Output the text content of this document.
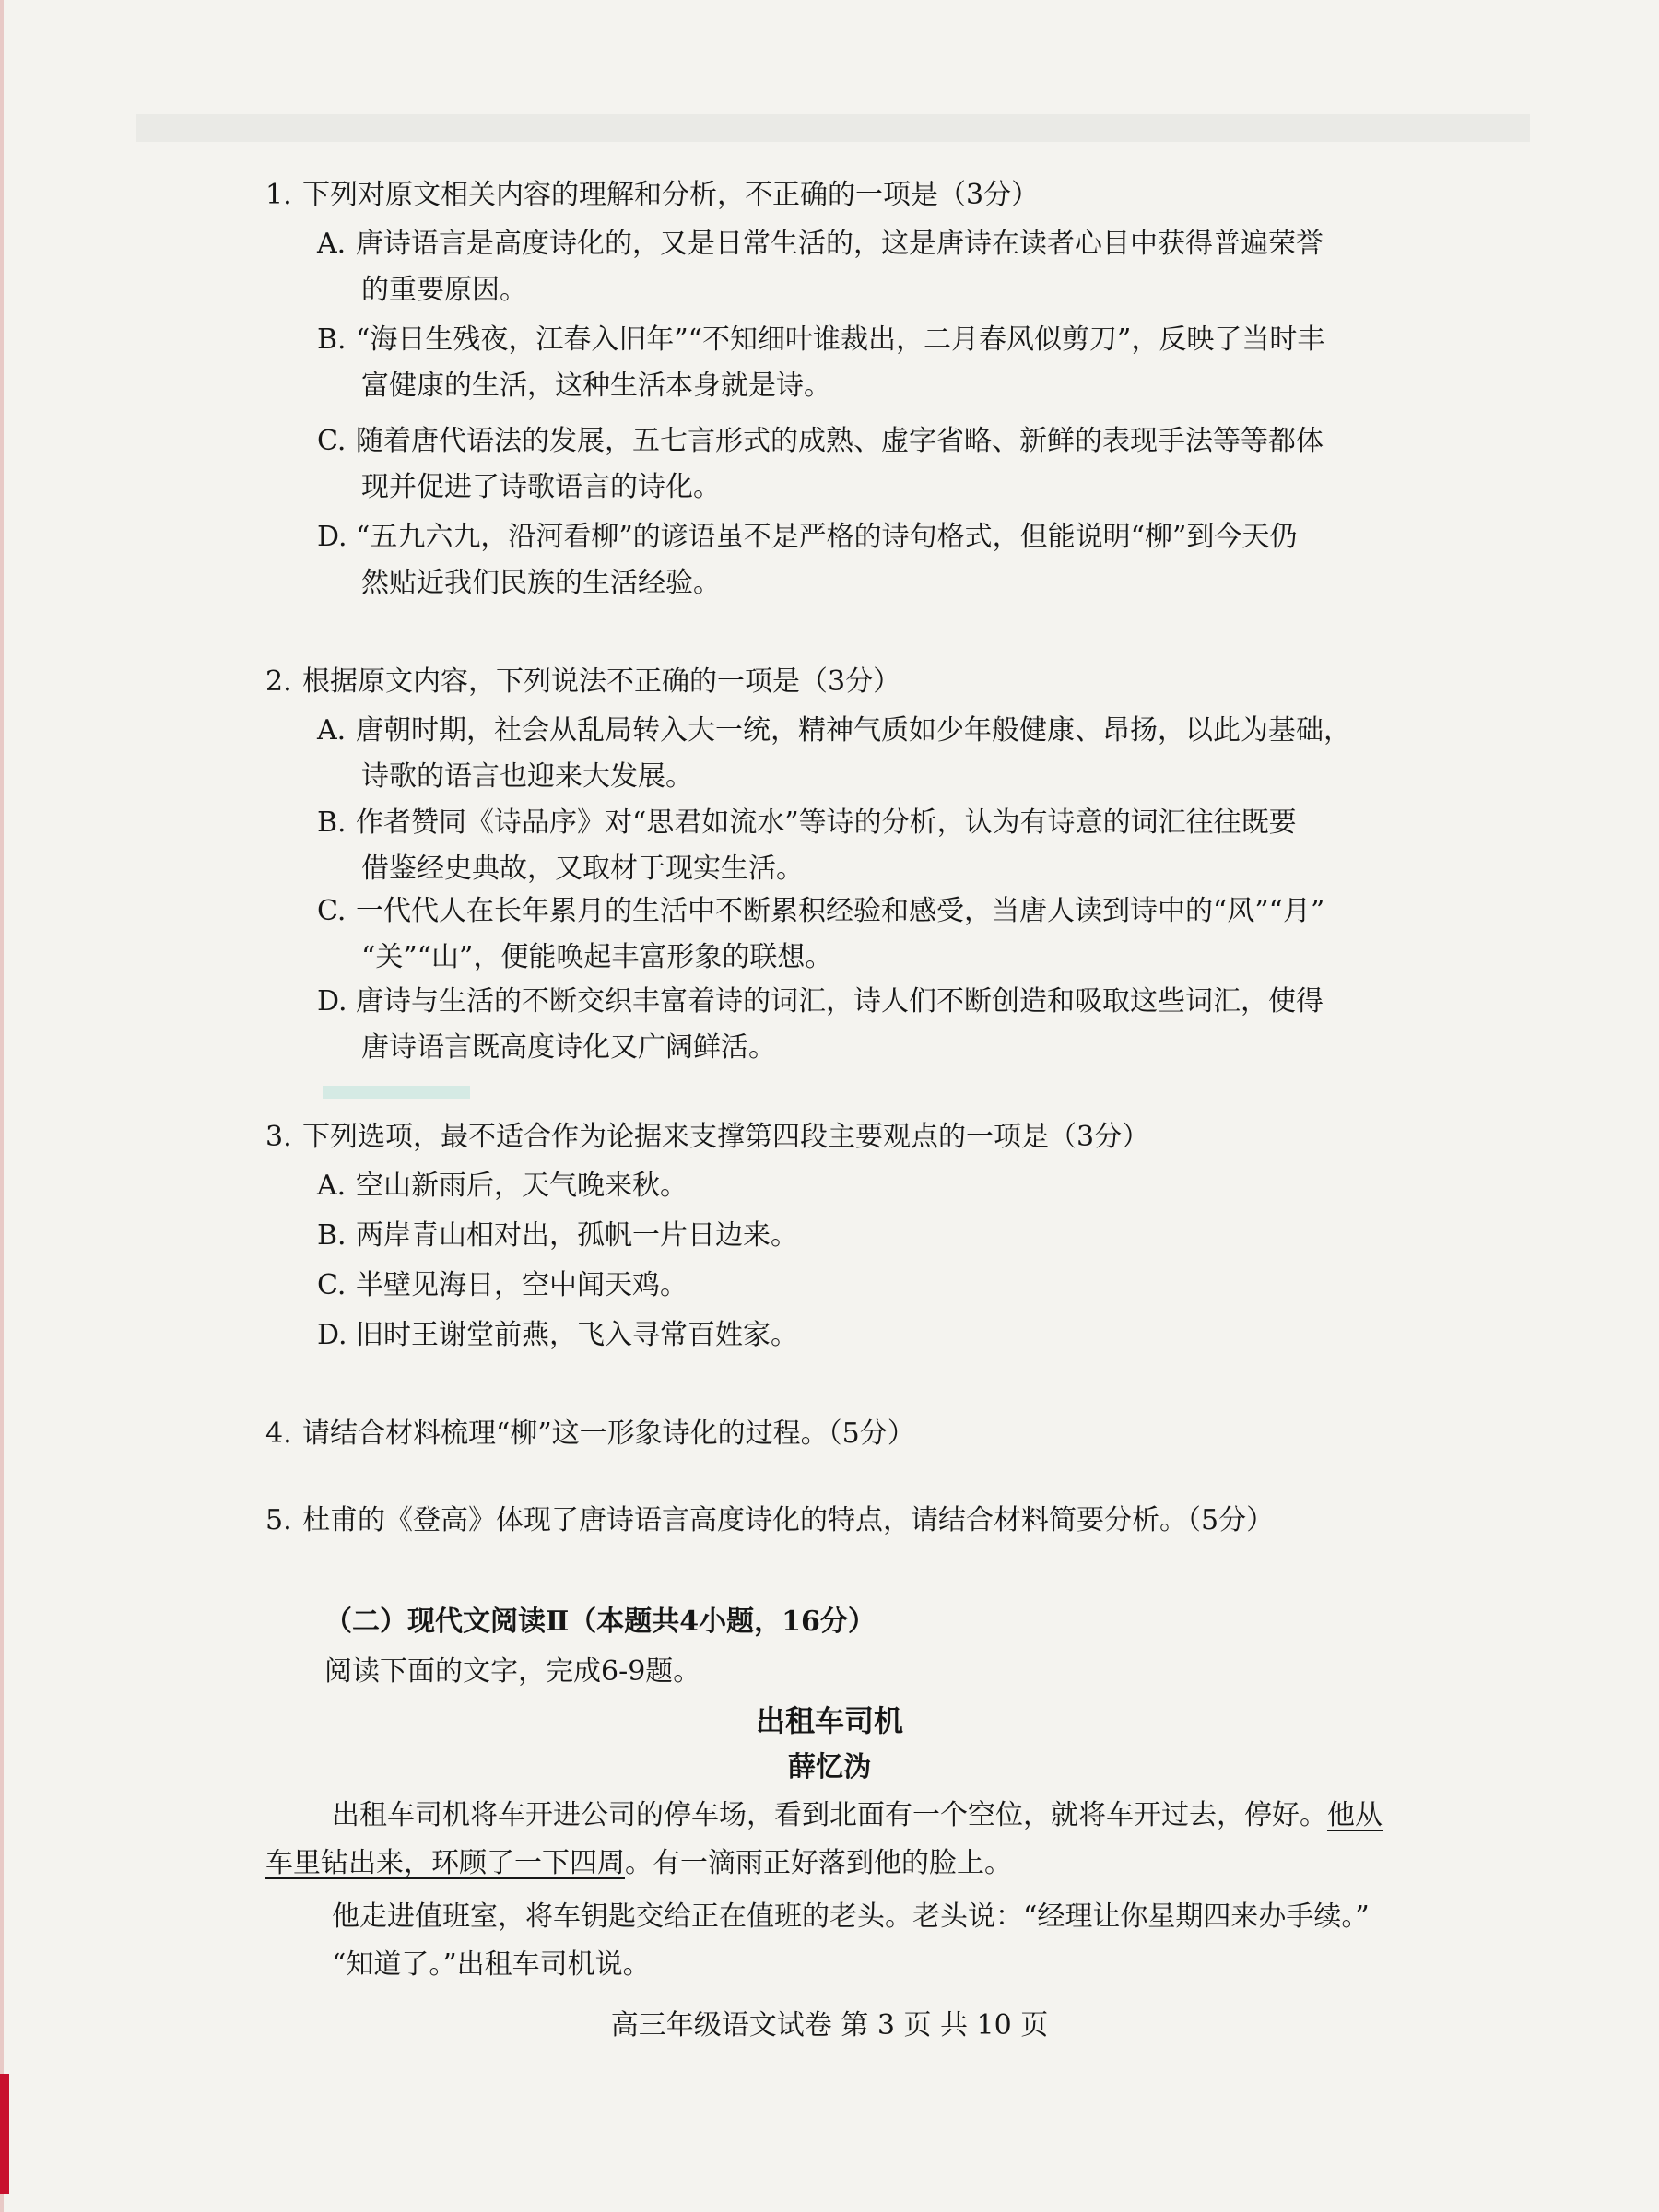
1. 下列对原文相关内容的理解和分析，不正确的一项是（3分）
A. 唐诗语言是高度诗化的，又是日常生活的，这是唐诗在读者心目中获得普遍荣誉
的重要原因。
B. “海日生残夜，江春入旧年”“不知细叶谁裁出，二月春风似剪刀”，反映了当时丰
富健康的生活，这种生活本身就是诗。
C. 随着唐代语法的发展，五七言形式的成熟、虚字省略、新鲜的表现手法等等都体
现并促进了诗歌语言的诗化。
D. “五九六九，沿河看柳”的谚语虽不是严格的诗句格式，但能说明“柳”到今天仍
然贴近我们民族的生活经验。
2. 根据原文内容，下列说法不正确的一项是（3分）
A. 唐朝时期，社会从乱局转入大一统，精神气质如少年般健康、昂扬，以此为基础，
诗歌的语言也迎来大发展。
B. 作者赞同《诗品序》对“思君如流水”等诗的分析，认为有诗意的词汇往往既要
借鉴经史典故，又取材于现实生活。
C. 一代代人在长年累月的生活中不断累积经验和感受，当唐人读到诗中的“风”“月”
“关”“山”，便能唤起丰富形象的联想。
D. 唐诗与生活的不断交织丰富着诗的词汇，诗人们不断创造和吸取这些词汇，使得
唐诗语言既高度诗化又广阔鲜活。
3. 下列选项，最不适合作为论据来支撑第四段主要观点的一项是（3分）
A. 空山新雨后，天气晚来秋。
B. 两岸青山相对出，孤帆一片日边来。
C. 半壁见海日，空中闻天鸡。
D. 旧时王谢堂前燕，飞入寻常百姓家。
4. 请结合材料梳理“柳”这一形象诗化的过程。（5分）
5. 杜甫的《登高》体现了唐诗语言高度诗化的特点，请结合材料简要分析。（5分）
（二）现代文阅读Ⅱ（本题共4小题，16分）
阅读下面的文字，完成6-9题。
出租车司机
薛忆沩
出租车司机将车开进公司的停车场，看到北面有一个空位，就将车开过去，停好。他从车里钻出来，环顾了一下四周。有一滴雨正好落到他的脸上。
他走进值班室，将车钥匙交给正在值班的老头。老头说：“经理让你星期四来办手续。”
“知道了。”出租车司机说。
高三年级语文试卷 第 3 页 共 10 页
